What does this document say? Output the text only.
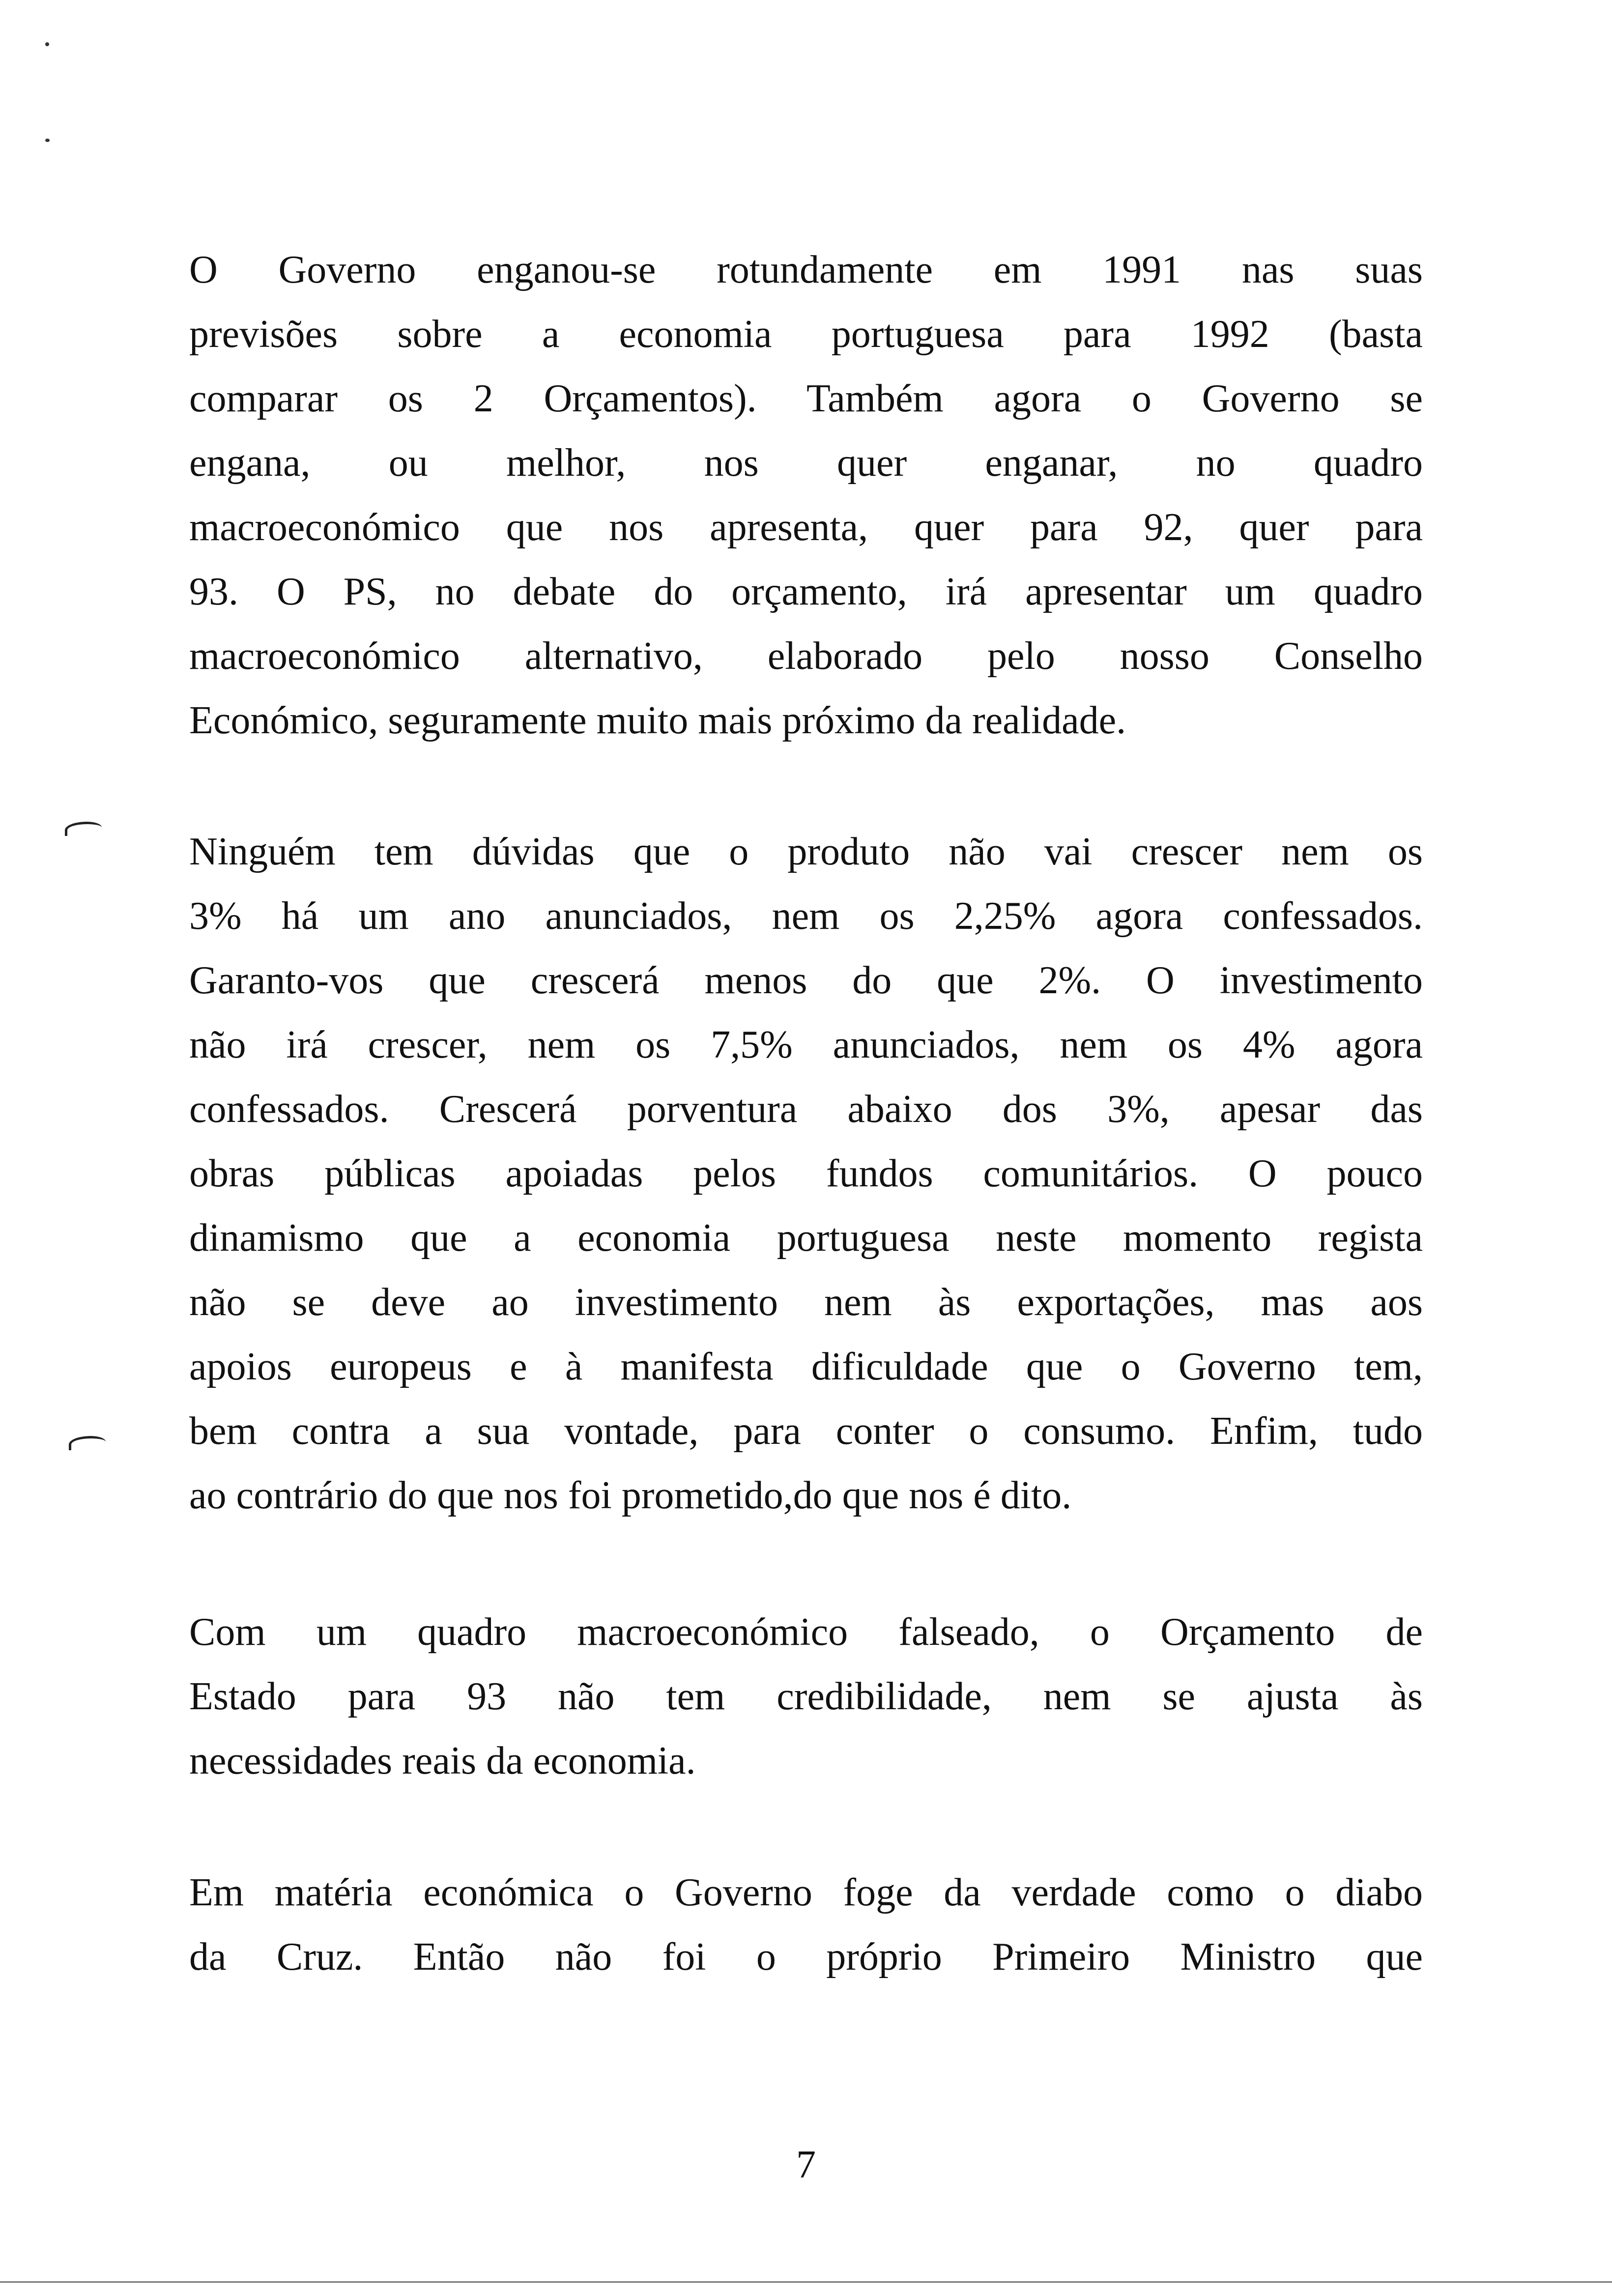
O Governo enganou-se rotundamente em 1991 nas suas
previsões sobre a economia portuguesa para 1992 (basta
comparar os 2 Orçamentos). Também agora o Governo se
engana, ou melhor, nos quer enganar, no quadro
macroeconómico que nos apresenta, quer para 92, quer para
93. O PS, no debate do orçamento, irá apresentar um quadro
macroeconómico alternativo, elaborado pelo nosso Conselho
Económico, seguramente muito mais próximo da realidade.
Ninguém tem dúvidas que o produto não vai crescer nem os
3% há um ano anunciados, nem os 2,25% agora confessados.
Garanto-vos que crescerá menos do que 2%. O investimento
não irá crescer, nem os 7,5% anunciados, nem os 4% agora
confessados. Crescerá porventura abaixo dos 3%, apesar das
obras públicas apoiadas pelos fundos comunitários. O pouco
dinamismo que a economia portuguesa neste momento regista
não se deve ao investimento nem às exportações, mas aos
apoios europeus e à manifesta dificuldade que o Governo tem,
bem contra a sua vontade, para conter o consumo. Enfim, tudo
ao contrário do que nos foi prometido,do que nos é dito.
Com um quadro macroeconómico falseado, o Orçamento de
Estado para 93 não tem credibilidade, nem se ajusta às
necessidades reais da economia.
Em matéria económica o Governo foge da verdade como o diabo
da Cruz. Então não foi o próprio Primeiro Ministro que
7
